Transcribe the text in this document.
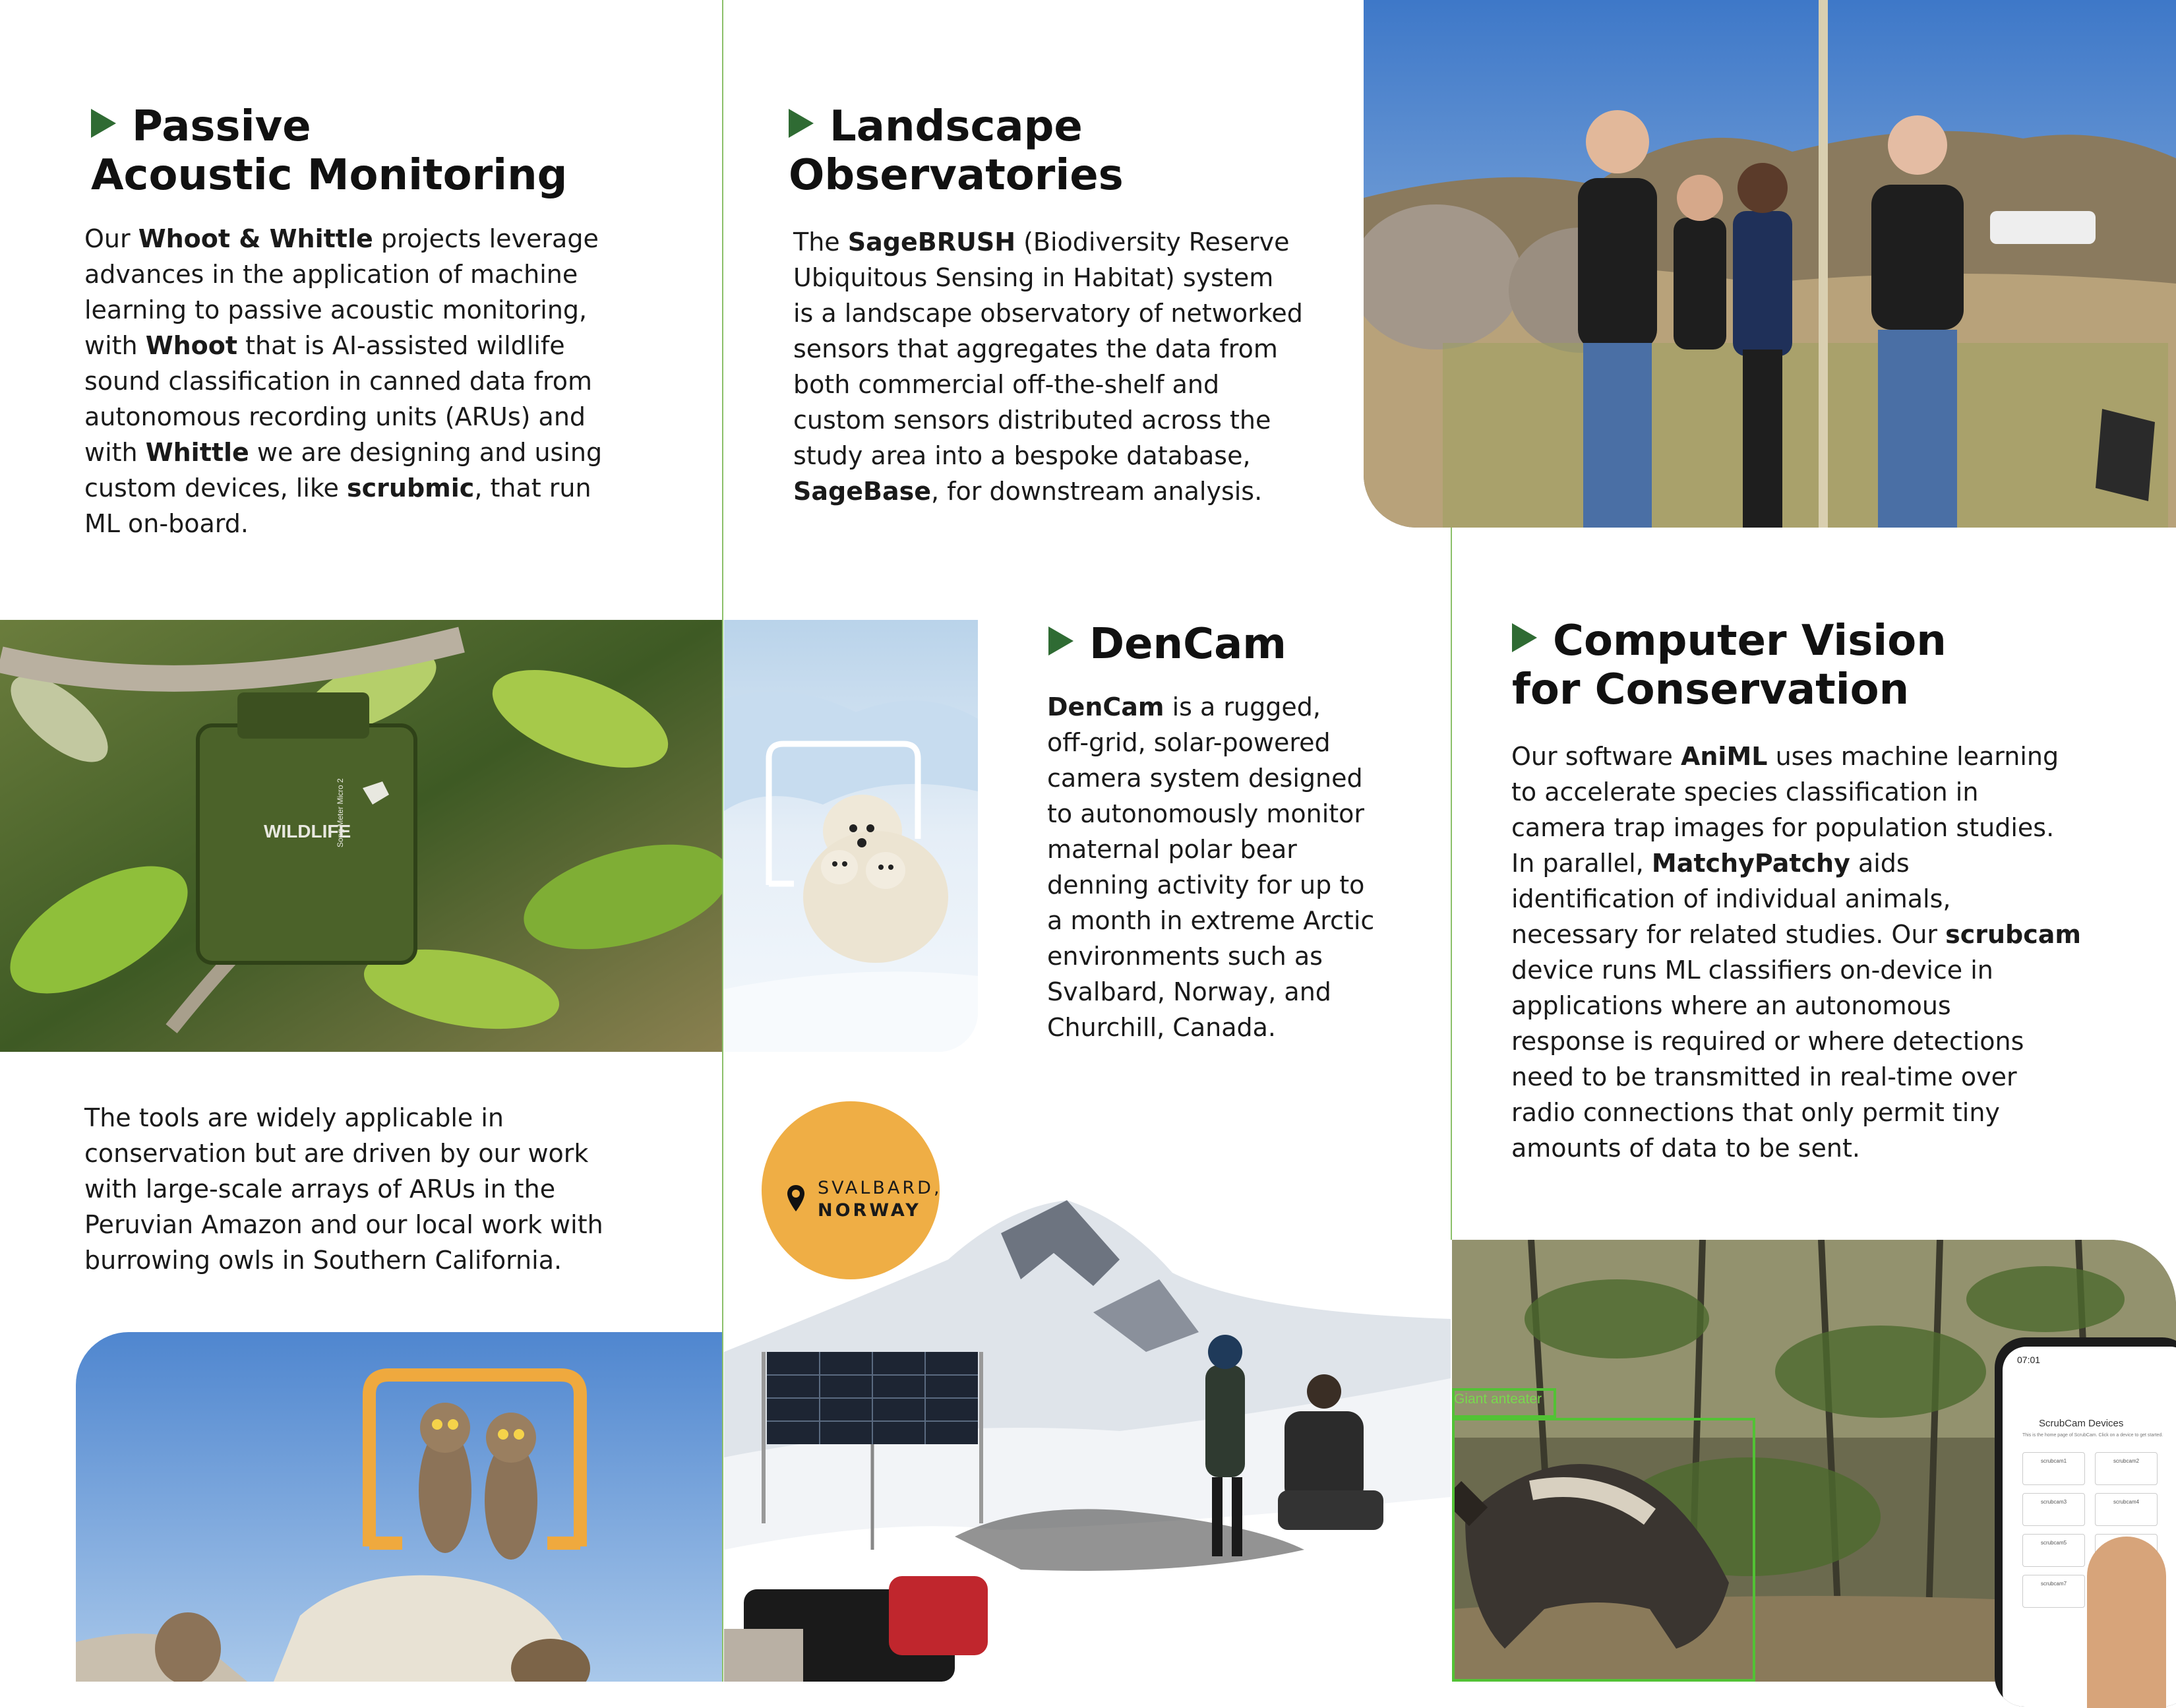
Passive
Acoustic Monitoring

Our Whoot & Whittle projects leverage
advances in the application of machine
learning to passive acoustic monitoring,
with Whoot that is AI-assisted wildlife
sound classification in canned data from
autonomous recording units (ARUs) and
with Whittle we are designing and using
custom devices, like scrubmic, that run
ML on-board.

WILDLIFE
Song Meter Micro 2

The tools are widely applicable in
conservation but are driven by our work
with large-scale arrays of ARUs in the
Peruvian Amazon and our local work with
burrowing owls in Southern California.

Landscape
Observatories

The SageBRUSH (Biodiversity Reserve
Ubiquitous Sensing in Habitat) system
is a landscape observatory of networked
sensors that aggregates the data from
both commercial off-the-shelf and
custom sensors distributed across the
study area into a bespoke database,
SageBase, for downstream analysis.

DenCam

DenCam is a rugged,
off-grid, solar-powered
camera system designed
to autonomously monitor
maternal polar bear
denning activity for up to
a month in extreme Arctic
environments such as
Svalbard, Norway, and
Churchill, Canada.

SVALBARD,
NORWAY
Computer Vision
for Conservation

Our software AniML uses machine learning
to accelerate species classification in
camera trap images for population studies.
In parallel, MatchyPatchy aids
identification of individual animals,
necessary for related studies. Our scrubcam
device runs ML classifiers on-device in
applications where an autonomous
response is required or where detections
need to be transmitted in real-time over
radio connections that only permit tiny
amounts of data to be sent.

Giant anteater
07:01
ScrubCam Devices
This is the home page of ScrubCam. Click on a device to get started.
scrubcam1	scrubcam2
scrubcam3	scrubcam4
scrubcam5
scrubcam7
